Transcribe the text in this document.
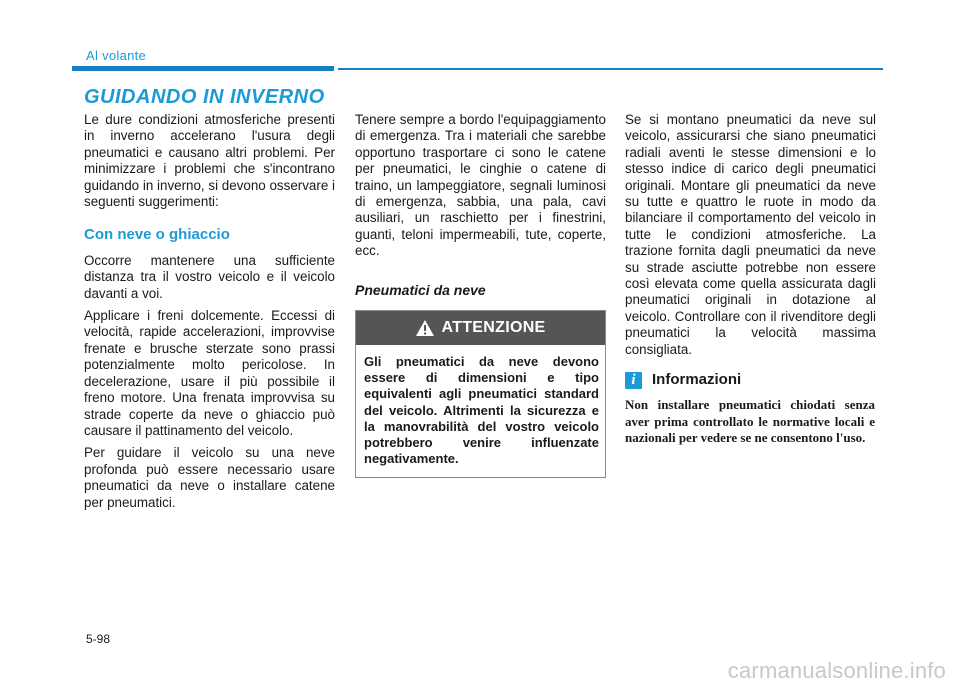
Al volante
GUIDANDO IN INVERNO

Le dure condizioni atmosferiche presenti in inverno accelerano l'usura degli pneumatici e causano altri problemi. Per minimizzare i problemi che s'incontrano guidando in inverno, si devono osservare i seguenti suggerimenti:

Con neve o ghiaccio

Occorre mantenere una sufficiente distanza tra il vostro veicolo e il veicolo davanti a voi.

Applicare i freni dolcemente. Eccessi di velocità, rapide accelerazioni, improvvise frenate e brusche sterzate sono prassi potenzialmente molto pericolose. In decelerazione, usare il più possibile il freno motore. Una frenata improvvisa su strade coperte da neve o ghiaccio può causare il pattinamento del veicolo.

Per guidare il veicolo su una neve profonda può essere necessario usare pneumatici da neve o installare catene per pneumatici.

Tenere sempre a bordo l'equipaggiamento di emergenza. Tra i materiali che sarebbe opportuno trasportare ci sono le catene per pneumatici, le cinghie o catene di traino, un lampeggiatore, segnali luminosi di emergenza, sabbia, una pala, cavi ausiliari, un raschietto per i finestrini, guanti, teloni impermeabili, tute, coperte, ecc.

Pneumatici da neve
ATTENZIONE
Gli pneumatici da neve devono essere di dimensioni e tipo equivalenti agli pneumatici standard del veicolo. Altrimenti la sicurezza e la manovrabilità del vostro veicolo potrebbero venire influenzate negativamente.

Se si montano pneumatici da neve sul veicolo, assicurarsi che siano pneumatici radiali aventi le stesse dimensioni e lo stesso indice di carico degli pneumatici originali. Montare gli pneumatici da neve su tutte e quattro le ruote in modo da bilanciare il comportamento del veicolo in tutte le condizioni atmosferiche. La trazione fornita dagli pneumatici da neve su strade asciutte potrebbe non essere così elevata come quella assicurata dagli pneumatici originali in dotazione al veicolo. Controllare con il rivenditore degli pneumatici la velocità massima consigliata.

i	Informazioni
Non installare pneumatici chiodati senza aver prima controllato le normative locali e nazionali per vedere se ne consentono l'uso.
5-98
carmanualsonline.info
